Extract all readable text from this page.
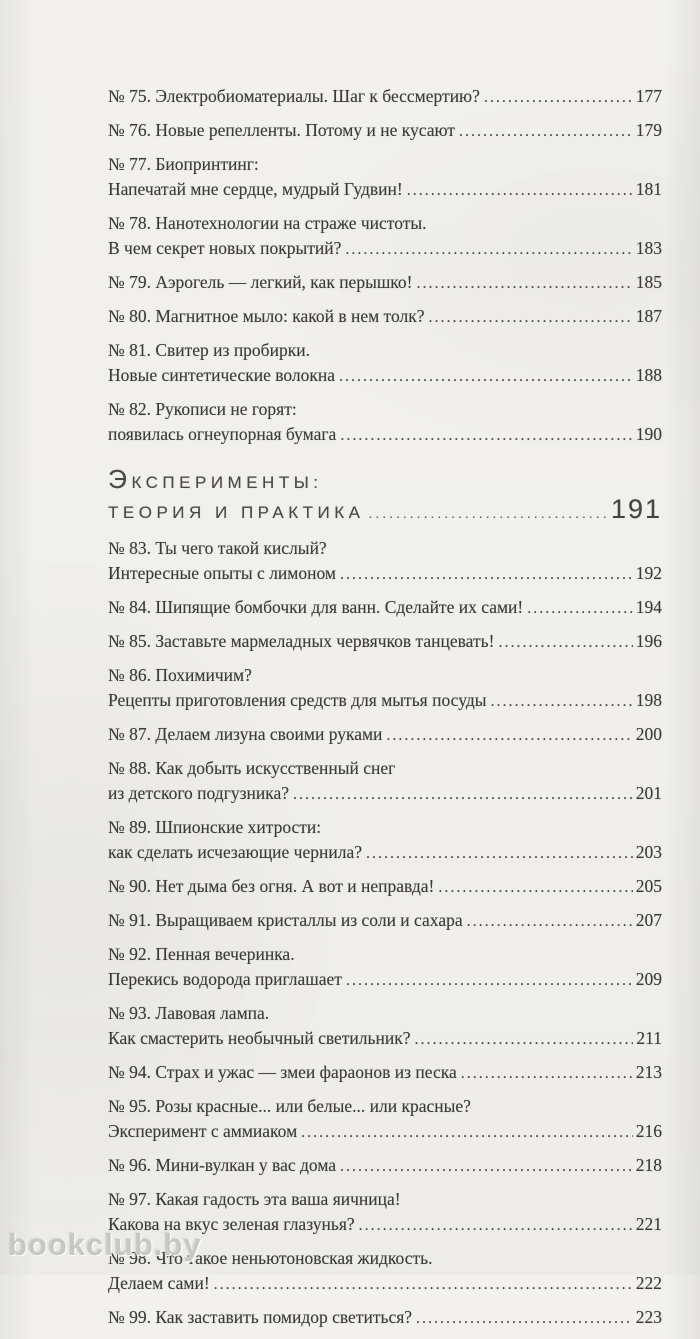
№ 75. Электробиоматериалы. Шаг к бессмертию? .....	177
№ 76. Новые репелленты. Потому и не кусают .....	179
№ 77. Биопринтинг:
Напечатай мне сердце, мудрый Гудвин! .....	181
№ 78. Нанотехнологии на страже чистоты.
В чем секрет новых покрытий? .....	183
№ 79. Аэрогель — легкий, как перышко! .....	185
№ 80. Магнитное мыло: какой в нем толк? .....	187
№ 81. Свитер из пробирки.
Новые синтетические волокна .....	188
№ 82. Рукописи не горят:
появилась огнеупорная бумага .....	190
ЭКСПЕРИМЕНТЫ:
ТЕОРИЯ И ПРАКТИКА .....	191
№ 83. Ты чего такой кислый?
Интересные опыты с лимоном .....	192
№ 84. Шипящие бомбочки для ванн. Сделайте их сами! .....	194
№ 85. Заставьте мармеладных червячков танцевать! .....	196
№ 86. Похимичим?
Рецепты приготовления средств для мытья посуды .....	198
№ 87. Делаем лизуна своими руками .....	200
№ 88. Как добыть искусственный снег
из детского подгузника? .....	201
№ 89. Шпионские хитрости:
как сделать исчезающие чернила? .....	203
№ 90. Нет дыма без огня. А вот и неправда! .....	205
№ 91. Выращиваем кристаллы из соли и сахара .....	207
№ 92. Пенная вечеринка.
Перекись водорода приглашает .....	209
№ 93. Лавовая лампа.
Как смастерить необычный светильник? .....	211
№ 94. Страх и ужас — змеи фараонов из песка .....	213
№ 95. Розы красные... или белые... или красные?
Эксперимент с аммиаком .....	216
№ 96. Мини-вулкан у вас дома .....	218
№ 97. Какая гадость эта ваша яичница!
Какова на вкус зеленая глазунья? .....	221
№ 98. Что такое неньютоновская жидкость.
Делаем сами! .....	222
№ 99. Как заставить помидор светиться? .....	223
bookclub.by
